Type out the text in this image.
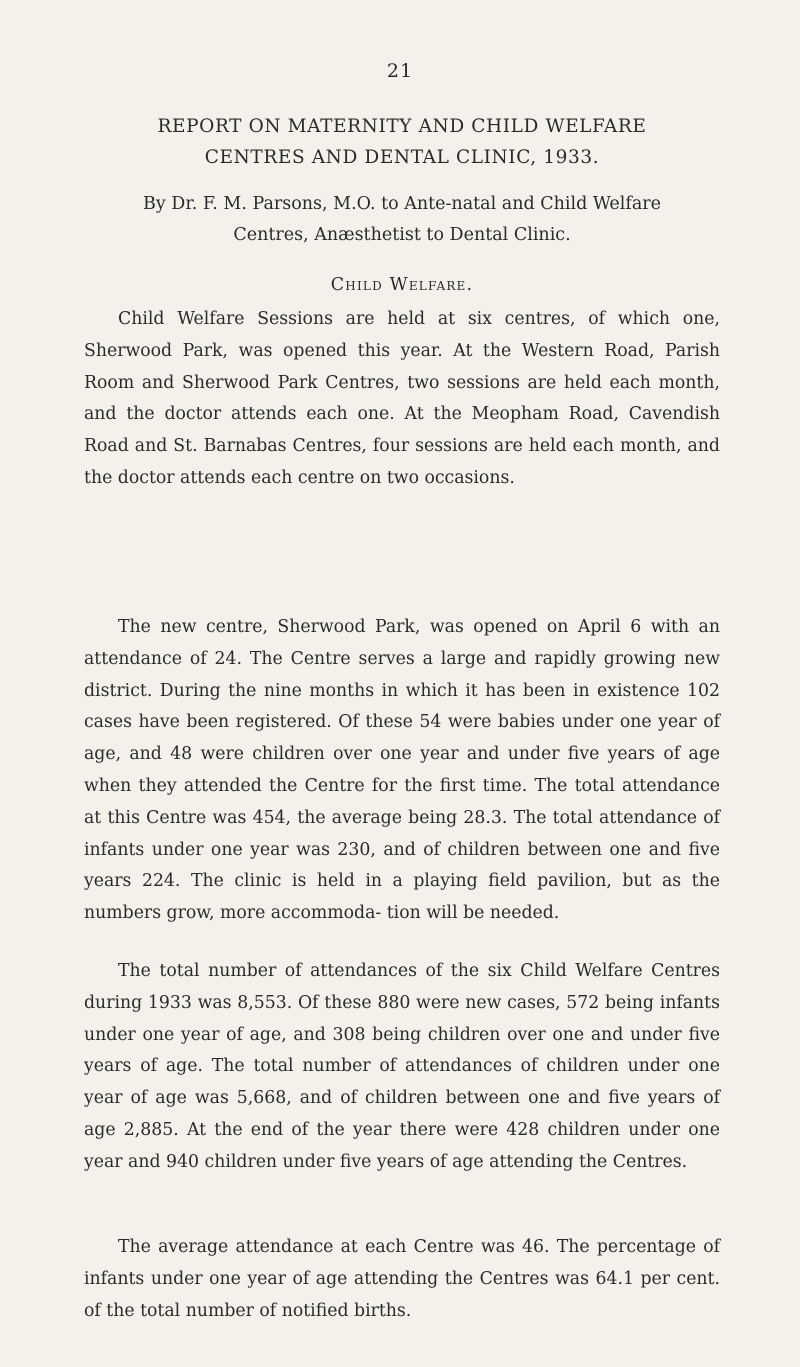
21
REPORT ON MATERNITY AND CHILD WELFARE
CENTRES AND DENTAL CLINIC, 1933.

By Dr. F. M. Parsons, M.O. to Ante-natal and Child Welfare
Centres, Anæsthetist to Dental Clinic.

Child Welfare.

Child Welfare Sessions are held at six centres, of which one, Sherwood Park, was opened this year. At the Western Road, Parish Room and Sherwood Park Centres, two sessions are held each month, and the doctor attends each one. At the Meopham Road, Cavendish Road and St. Barnabas Centres, four sessions are held each month, and the doctor attends each centre on two occasions.

The new centre, Sherwood Park, was opened on April 6 with an attendance of 24. The Centre serves a large and rapidly growing new district. During the nine months in which it has been in existence 102 cases have been registered. Of these 54 were babies under one year of age, and 48 were children over one year and under five years of age when they attended the Centre for the first time. The total attendance at this Centre was 454, the average being 28.3. The total attendance of infants under one year was 230, and of children between one and five years 224. The clinic is held in a playing field pavilion, but as the numbers grow, more accommoda- tion will be needed.

The total number of attendances of the six Child Welfare Centres during 1933 was 8,553. Of these 880 were new cases, 572 being infants under one year of age, and 308 being children over one and under five years of age. The total number of attendances of children under one year of age was 5,668, and of children between one and five years of age 2,885. At the end of the year there were 428 children under one year and 940 children under five years of age attending the Centres.

The average attendance at each Centre was 46. The percentage of infants under one year of age attending the Centres was 64.1 per cent. of the total number of notified births.
